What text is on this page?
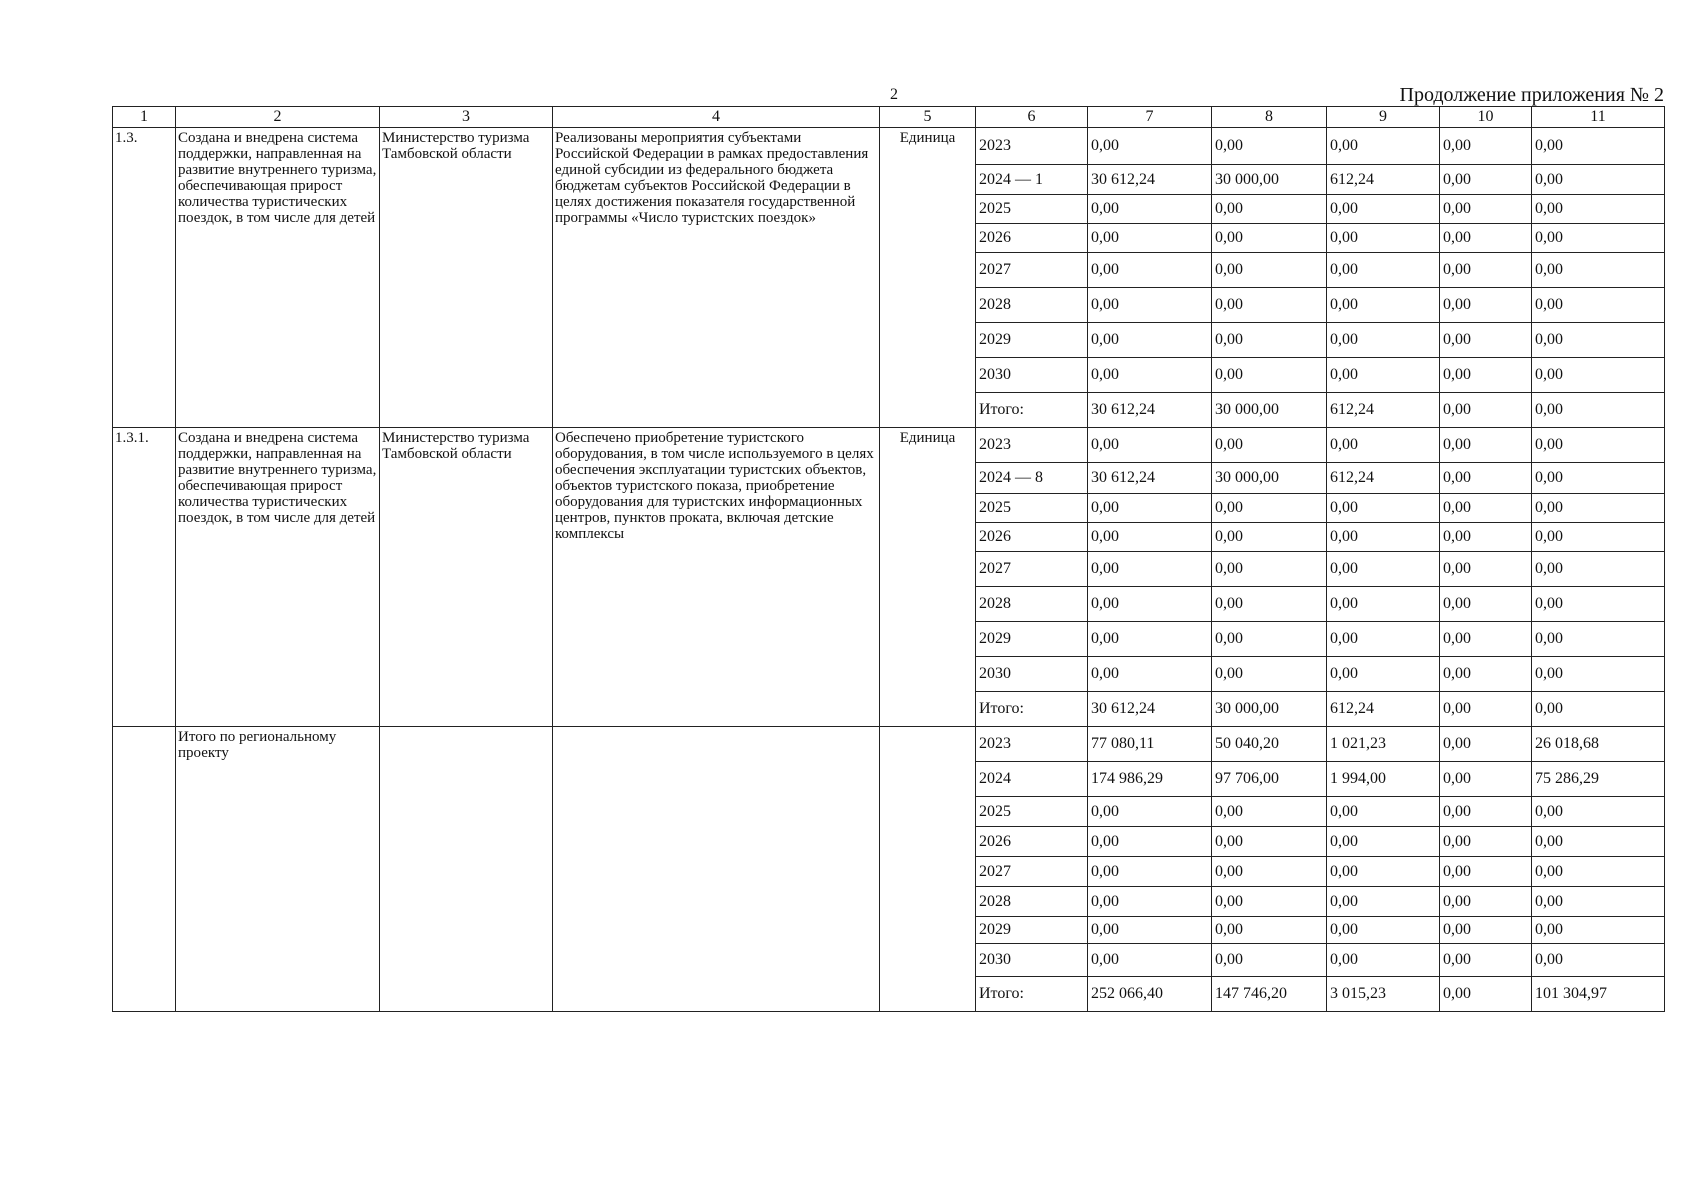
2	Продолжение приложения № 2
1	2	3	4	5	6	7	8	9	10	11
1.3.	Создана и внедрена система поддержки, направленная на развитие внутреннего туризма, обеспечивающая прирост количества туристических поездок, в том числе для детей	Министерство туризма Тамбовской области	Реализованы мероприятия субъектами Российской Федерации в рамках предоставления единой субсидии из федерального бюджета бюджетам субъектов Российской Федерации в целях достижения показателя государственной программы «Число туристских поездок»	Единица	2023	0,00	0,00	0,00	0,00	0,00
					2024 — 1	30 612,24	30 000,00	612,24	0,00	0,00
					2025	0,00	0,00	0,00	0,00	0,00
					2026	0,00	0,00	0,00	0,00	0,00
					2027	0,00	0,00	0,00	0,00	0,00
					2028	0,00	0,00	0,00	0,00	0,00
					2029	0,00	0,00	0,00	0,00	0,00
					2030	0,00	0,00	0,00	0,00	0,00
					Итого:	30 612,24	30 000,00	612,24	0,00	0,00
1.3.1.	Создана и внедрена система поддержки, направленная на развитие внутреннего туризма, обеспечивающая прирост количества туристических поездок, в том числе для детей	Министерство туризма Тамбовской области	Обеспечено приобретение туристского оборудования, в том числе используемого в целях обеспечения эксплуатации туристских объектов, объектов туристского показа, приобретение оборудования для туристских информационных центров, пунктов проката, включая детские комплексы	Единица	2023	0,00	0,00	0,00	0,00	0,00
					2024 — 8	30 612,24	30 000,00	612,24	0,00	0,00
					2025	0,00	0,00	0,00	0,00	0,00
					2026	0,00	0,00	0,00	0,00	0,00
					2027	0,00	0,00	0,00	0,00	0,00
					2028	0,00	0,00	0,00	0,00	0,00
					2029	0,00	0,00	0,00	0,00	0,00
					2030	0,00	0,00	0,00	0,00	0,00
					Итого:	30 612,24	30 000,00	612,24	0,00	0,00
	Итого по региональному проекту				2023	77 080,11	50 040,20	1 021,23	0,00	26 018,68
					2024	174 986,29	97 706,00	1 994,00	0,00	75 286,29
					2025	0,00	0,00	0,00	0,00	0,00
					2026	0,00	0,00	0,00	0,00	0,00
					2027	0,00	0,00	0,00	0,00	0,00
					2028	0,00	0,00	0,00	0,00	0,00
					2029	0,00	0,00	0,00	0,00	0,00
					2030	0,00	0,00	0,00	0,00	0,00
					Итого:	252 066,40	147 746,20	3 015,23	0,00	101 304,97
